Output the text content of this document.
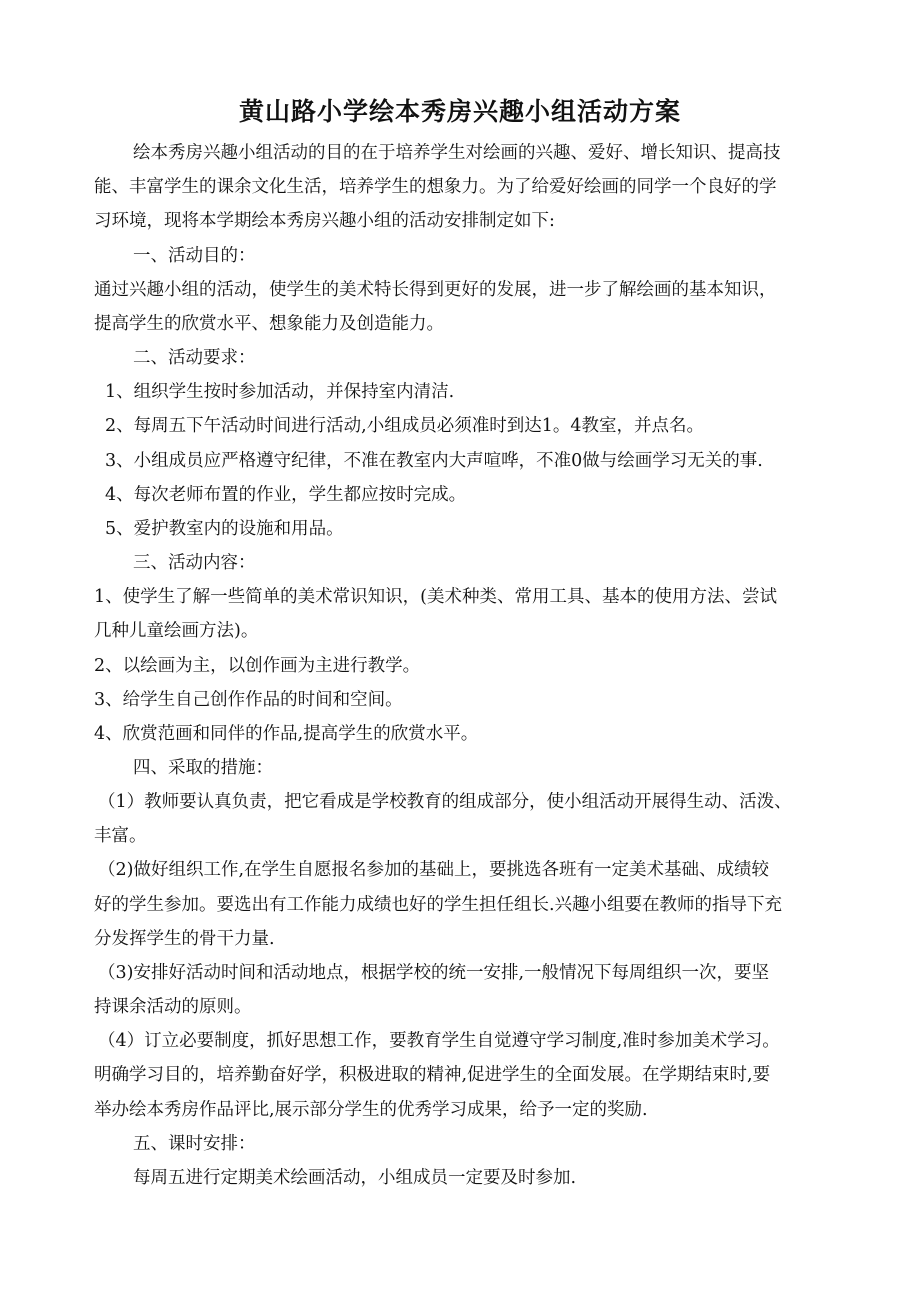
黄山路小学绘本秀房兴趣小组活动方案
绘本秀房兴趣小组活动的目的在于培养学生对绘画的兴趣、爱好、增长知识、提高技
能、丰富学生的课余文化生活，培养学生的想象力。为了给爱好绘画的同学一个良好的学
习环境，现将本学期绘本秀房兴趣小组的活动安排制定如下:
一、活动目的：
通过兴趣小组的活动，使学生的美术特长得到更好的发展，进一步了解绘画的基本知识，
提高学生的欣赏水平、想象能力及创造能力。
二、活动要求：
1、组织学生按时参加活动，并保持室内清洁.
2、每周五下午活动时间进行活动,小组成员必须准时到达1。4教室，并点名。
3、小组成员应严格遵守纪律，不准在教室内大声喧哗，不准0做与绘画学习无关的事.
4、每次老师布置的作业，学生都应按时完成。
5、爱护教室内的设施和用品。
三、活动内容：
1、使学生了解一些简单的美术常识知识，(美术种类、常用工具、基本的使用方法、尝试
几种儿童绘画方法)。
2、以绘画为主，以创作画为主进行教学。
3、给学生自己创作作品的时间和空间。
4、欣赏范画和同伴的作品,提高学生的欣赏水平。
四、采取的措施：
（1）教师要认真负责，把它看成是学校教育的组成部分，使小组活动开展得生动、活泼、
丰富。
（2)做好组织工作,在学生自愿报名参加的基础上，要挑选各班有一定美术基础、成绩较
好的学生参加。要选出有工作能力成绩也好的学生担任组长.兴趣小组要在教师的指导下充
分发挥学生的骨干力量.
（3)安排好活动时间和活动地点，根据学校的统一安排,一般情况下每周组织一次，要坚
持课余活动的原则。
（4）订立必要制度，抓好思想工作，要教育学生自觉遵守学习制度,准时参加美术学习。
明确学习目的，培养勤奋好学，积极进取的精神,促进学生的全面发展。在学期结束时,要
举办绘本秀房作品评比,展示部分学生的优秀学习成果，给予一定的奖励.
五、课时安排：
每周五进行定期美术绘画活动，小组成员一定要及时参加.
